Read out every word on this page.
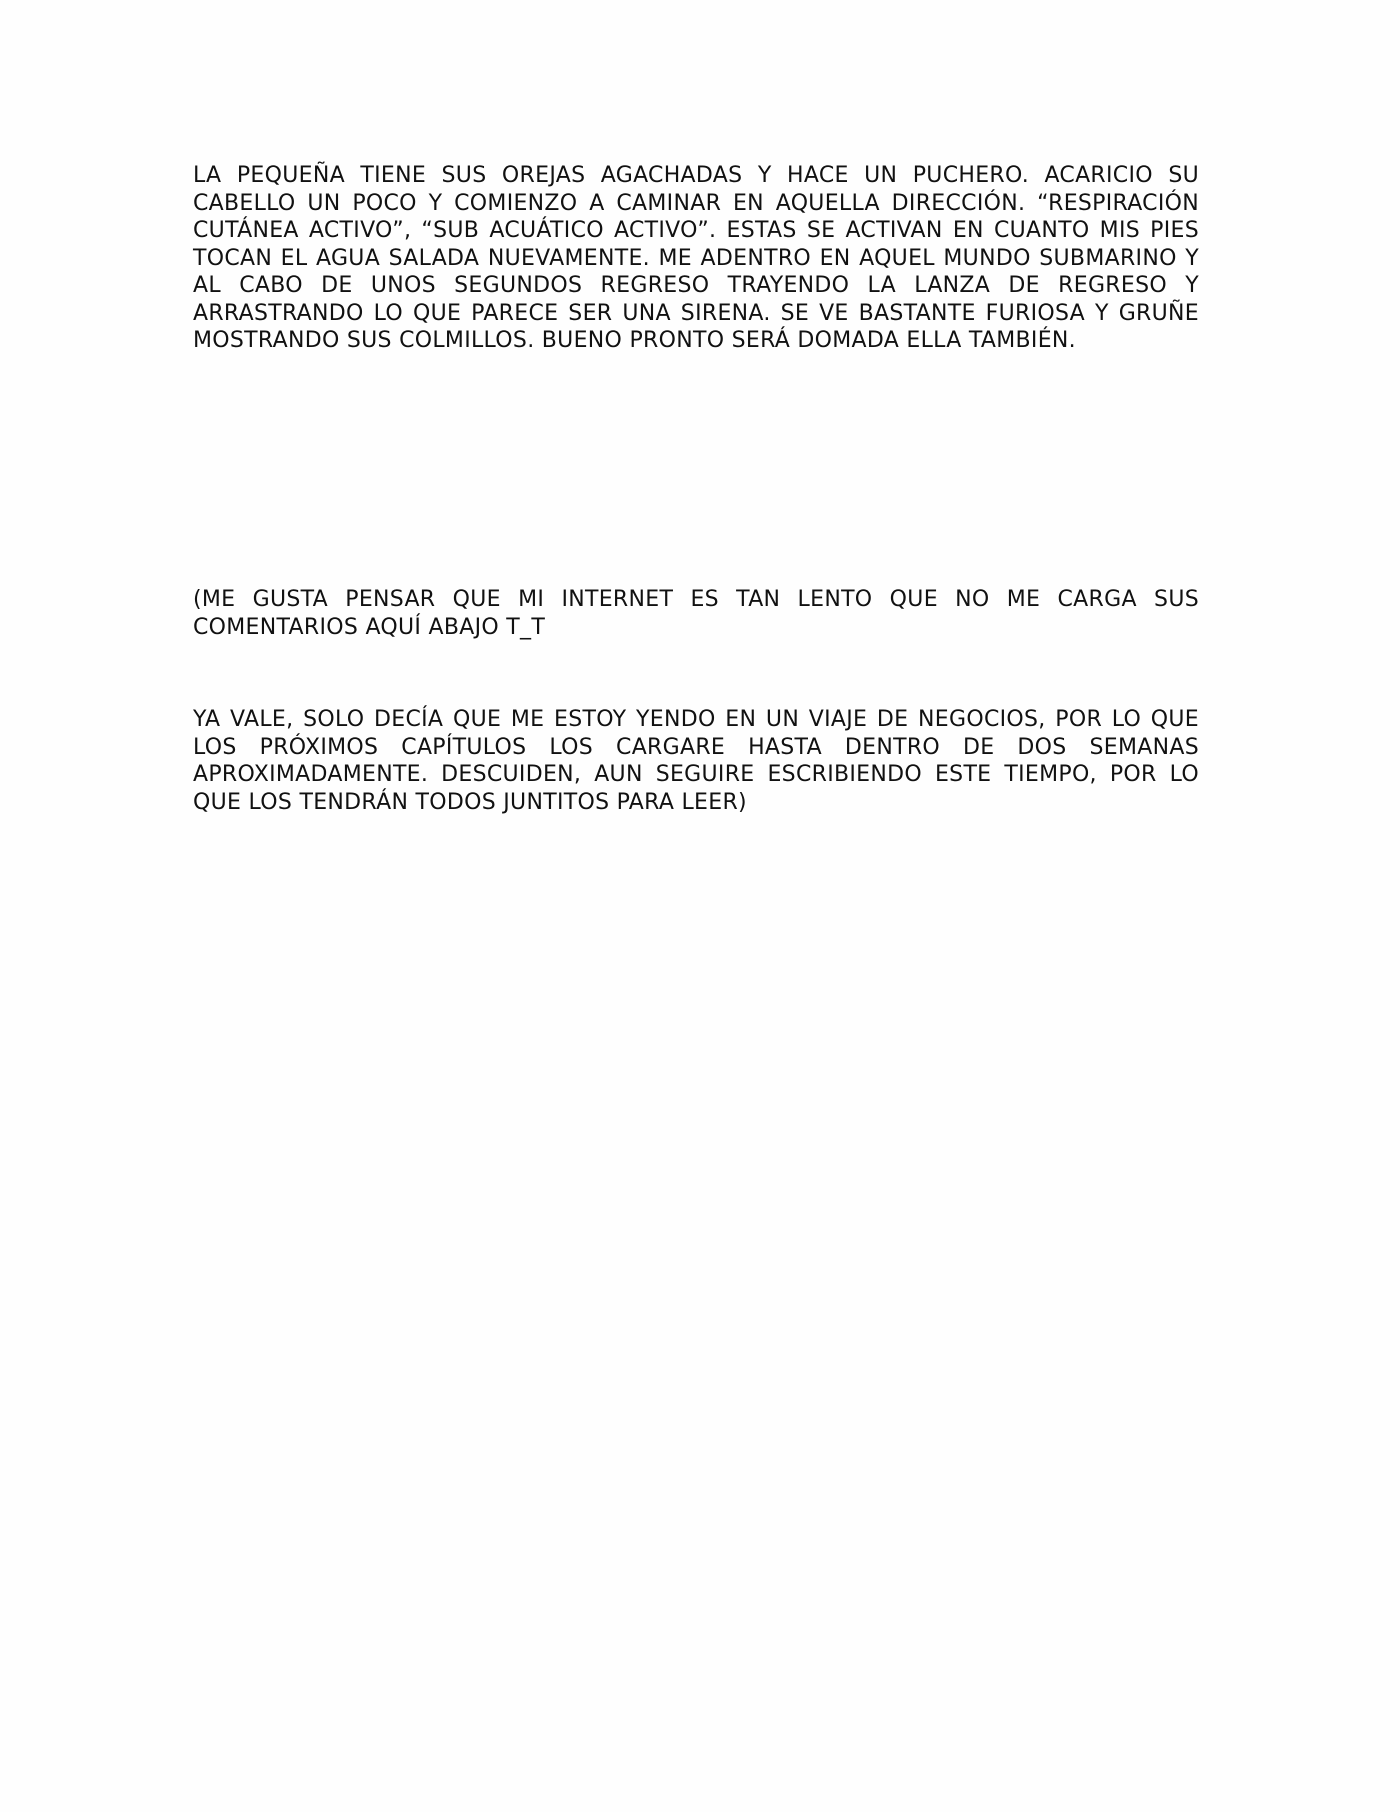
LA PEQUEÑA TIENE SUS OREJAS AGACHADAS Y HACE UN PUCHERO. ACARICIO SU CABELLO UN POCO Y COMIENZO A CAMINAR EN AQUELLA DIRECCIÓN. “RESPIRACIÓN CUTÁNEA ACTIVO”, “SUB ACUÁTICO ACTIVO”. ESTAS SE ACTIVAN EN CUANTO MIS PIES TOCAN EL AGUA SALADA NUEVAMENTE. ME ADENTRO EN AQUEL MUNDO SUBMARINO Y AL CABO DE UNOS SEGUNDOS REGRESO TRAYENDO LA LANZA DE REGRESO Y ARRASTRANDO LO QUE PARECE SER UNA SIRENA. SE VE BASTANTE FURIOSA Y GRUÑE MOSTRANDO SUS COLMILLOS. BUENO PRONTO SERÁ DOMADA ELLA TAMBIÉN.

(ME GUSTA PENSAR QUE MI INTERNET ES TAN LENTO QUE NO ME CARGA SUS COMENTARIOS AQUÍ ABAJO T_T

YA VALE, SOLO DECÍA QUE ME ESTOY YENDO EN UN VIAJE DE NEGOCIOS, POR LO QUE LOS PRÓXIMOS CAPÍTULOS LOS CARGARE HASTA DENTRO DE DOS SEMANAS APROXIMADAMENTE. DESCUIDEN, AUN SEGUIRE ESCRIBIENDO ESTE TIEMPO, POR LO QUE LOS TENDRÁN TODOS JUNTITOS PARA LEER)
